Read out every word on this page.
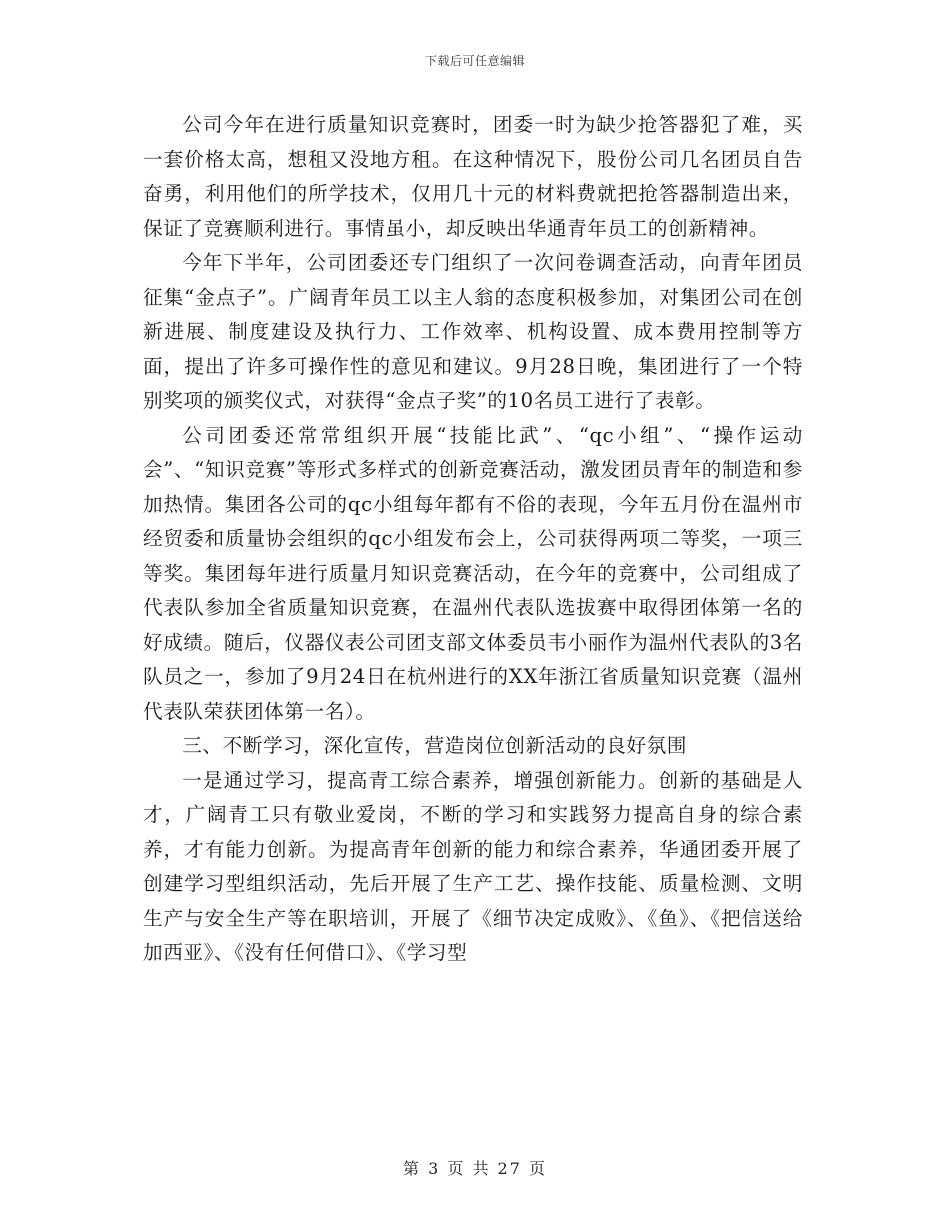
下载后可任意编辑

公司今年在进行质量知识竞赛时，团委一时为缺少抢答器犯了难，买一套价格太高，想租又没地方租。在这种情况下，股份公司几名团员自告奋勇，利用他们的所学技术，仅用几十元的材料费就把抢答器制造出来，保证了竞赛顺利进行。事情虽小，却反映出华通青年员工的创新精神。

今年下半年，公司团委还专门组织了一次问卷调查活动，向青年团员征集“金点子”。广阔青年员工以主人翁的态度积极参加，对集团公司在创新进展、制度建设及执行力、工作效率、机构设置、成本费用控制等方面，提出了许多可操作性的意见和建议。9月28日晚，集团进行了一个特别奖项的颁奖仪式，对获得“金点子奖”的10名员工进行了表彰。

公司团委还常常组织开展“技能比武”、“qc小组”、“操作运动会”、“知识竞赛”等形式多样式的创新竞赛活动，激发团员青年的制造和参加热情。集团各公司的qc小组每年都有不俗的表现，今年五月份在温州市经贸委和质量协会组织的qc小组发布会上，公司获得两项二等奖，一项三等奖。集团每年进行质量月知识竞赛活动，在今年的竞赛中，公司组成了代表队参加全省质量知识竞赛，在温州代表队选拔赛中取得团体第一名的好成绩。随后，仪器仪表公司团支部文体委员韦小丽作为温州代表队的3名队员之一，参加了9月24日在杭州进行的XX年浙江省质量知识竞赛（温州代表队荣获团体第一名）。

三、不断学习，深化宣传，营造岗位创新活动的良好氛围

一是通过学习，提高青工综合素养，增强创新能力。创新的基础是人才，广阔青工只有敬业爱岗，不断的学习和实践努力提高自身的综合素养，才有能力创新。为提高青年创新的能力和综合素养，华通团委开展了创建学习型组织活动，先后开展了生产工艺、操作技能、质量检测、文明生产与安全生产等在职培训，开展了《细节决定成败》、《鱼》、《把信送给加西亚》、《没有任何借口》、《学习型

第 3 页 共 27 页
